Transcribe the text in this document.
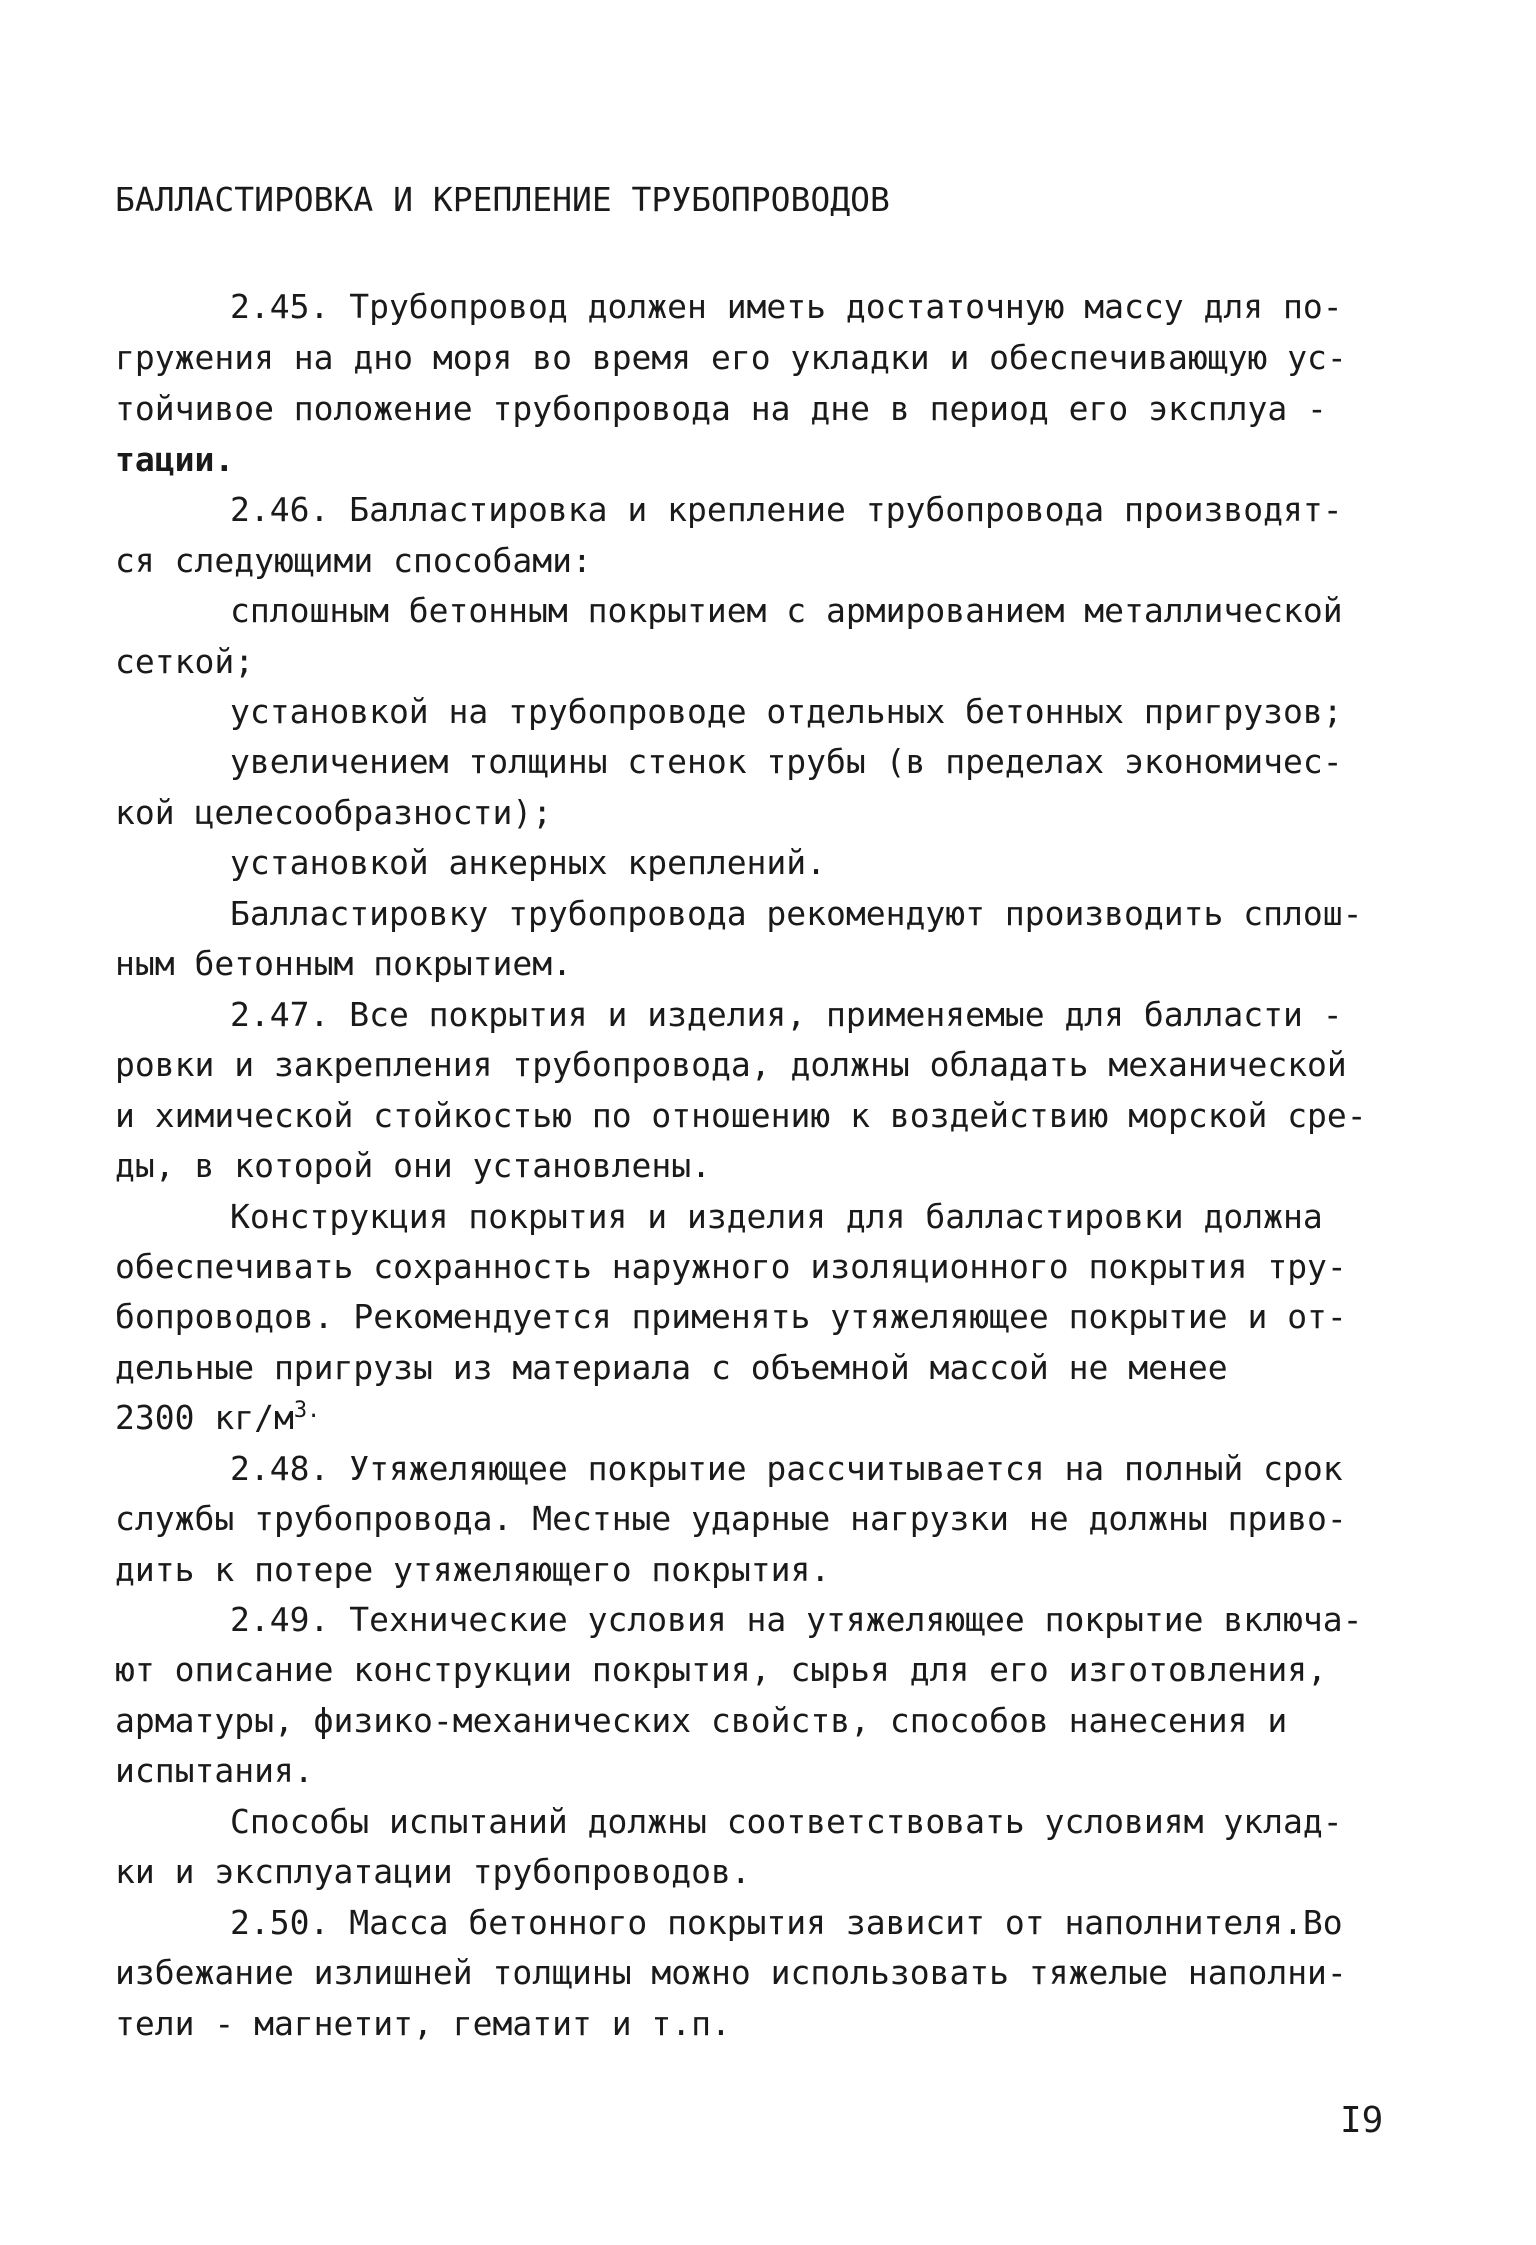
БАЛЛАСТИРОВКА И КРЕПЛЕНИЕ ТРУБОПРОВОДОВ
2.45. Трубопровод должен иметь достаточную массу для по-
гружения на дно моря во время его укладки и обеспечивающую ус-
тойчивое положение трубопровода на дне в период его эксплуа -
тации.
2.46. Балластировка и крепление трубопровода производят-
ся следующими способами:
сплошным бетонным покрытием с армированием металлической
сеткой;
установкой на трубопроводе отдельных бетонных пригрузов;
увеличением толщины стенок трубы (в пределах экономичес-
кой целесообразности);
установкой анкерных креплений.
Балластировку трубопровода рекомендуют производить сплош-
ным бетонным покрытием.
2.47. Все покрытия и изделия, применяемые для балласти -
ровки и закрепления трубопровода, должны обладать механической
и химической стойкостью по отношению к воздействию морской сре-
ды, в которой они установлены.
Конструкция покрытия и изделия для балластировки должна
обеспечивать сохранность наружного изоляционного покрытия тру-
бопроводов. Рекомендуется применять утяжеляющее покрытие и от-
дельные пригрузы из материала с объемной массой не менее
2300 $кг/м^{3.}$
2.48. Утяжеляющее покрытие рассчитывается на полный срок
службы трубопровода. Местные ударные нагрузки не должны приво-
дить к потере утяжеляющего покрытия.
2.49. Технические условия на утяжеляющее покрытие включа-
ют описание конструкции покрытия, сырья для его изготовления,
арматуры, физико-механических свойств, способов нанесения и
испытания.
Способы испытаний должны соответствовать условиям уклад-
ки и эксплуатации трубопроводов.
2.50. Масса бетонного покрытия зависит от наполнителя.Во
избежание излишней толщины можно использовать тяжелые наполни-
тели - магнетит, гематит и т.п.
I9
